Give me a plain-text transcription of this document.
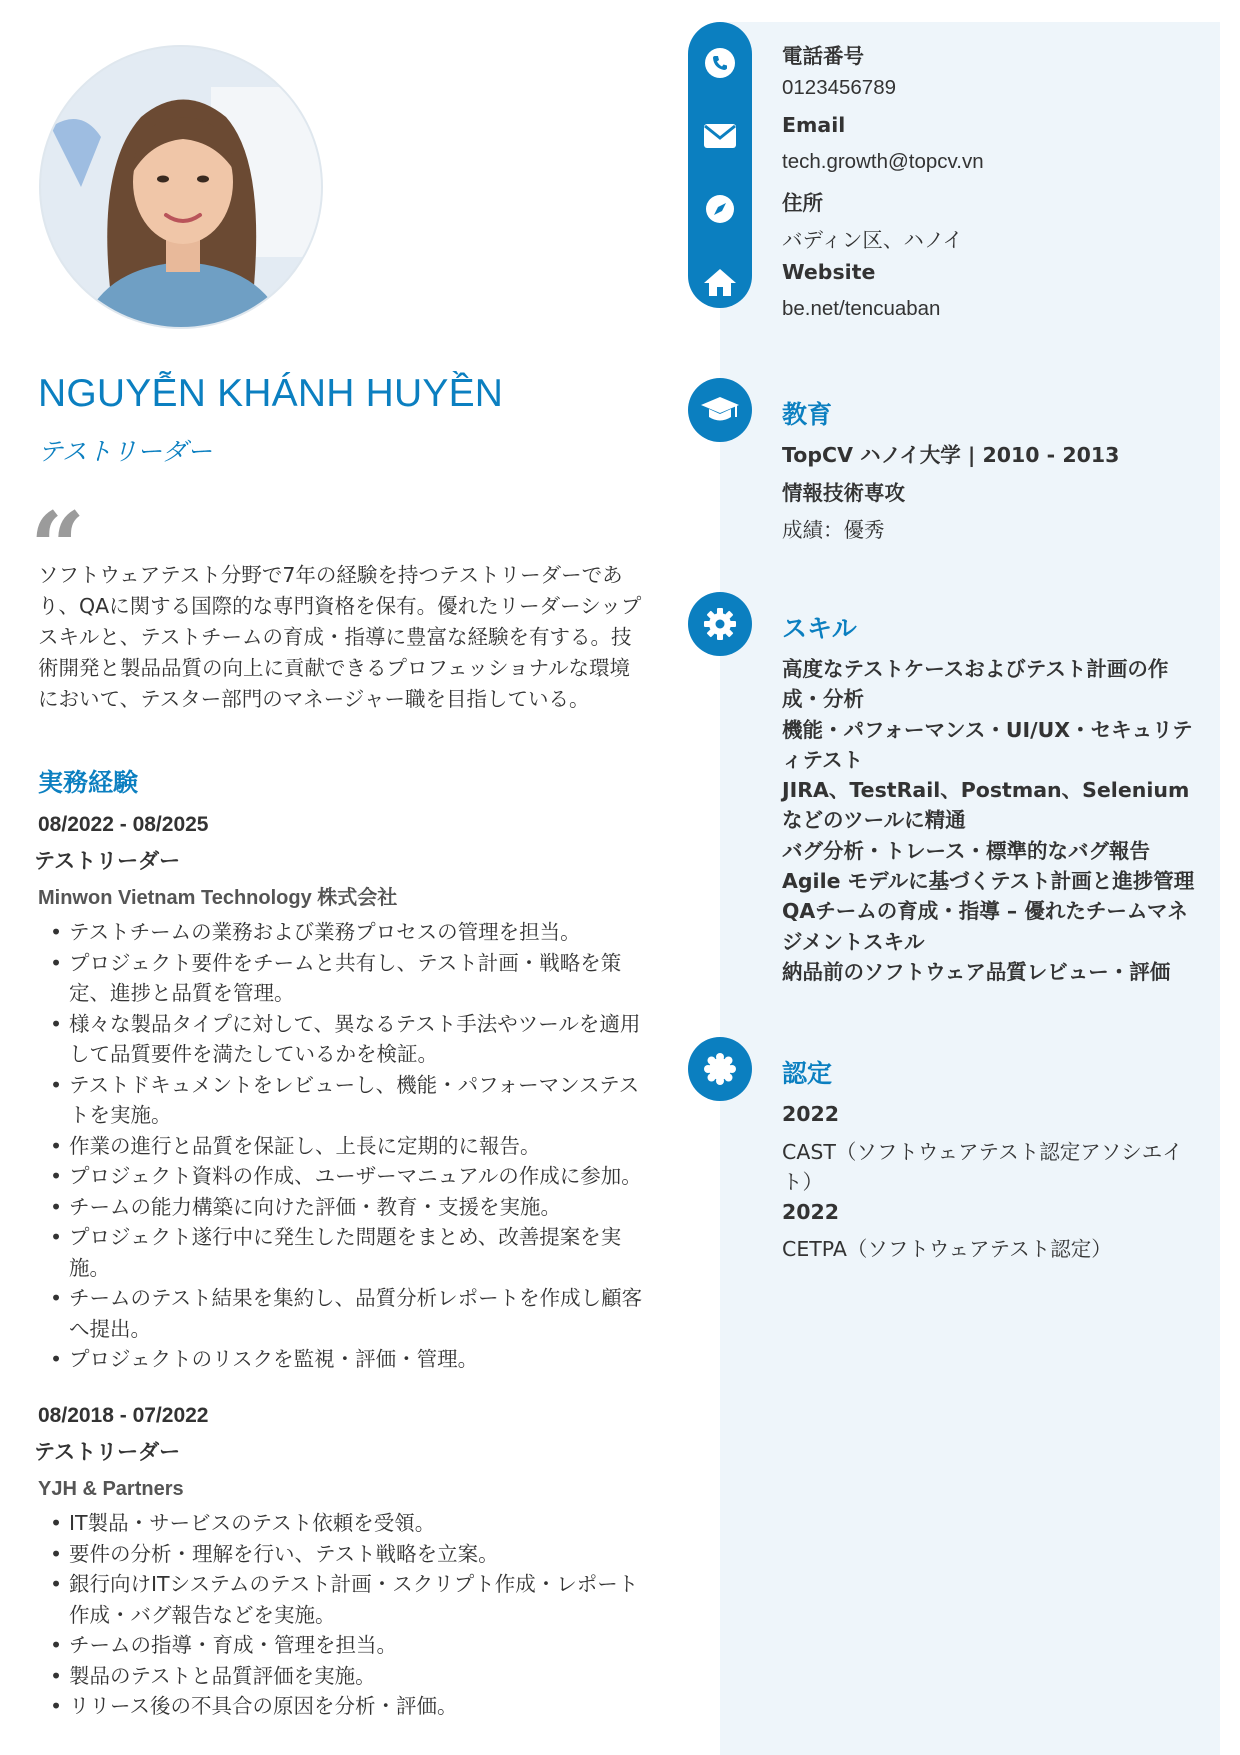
NGUYỄN KHÁNH HUYỀN
テストリーダー
“
ソフトウェアテスト分野で7年の経験を持つテストリーダーであり、QAに関する国際的な専門資格を保有。優れたリーダーシップスキルと、テストチームの育成・指導に豊富な経験を有する。技術開発と製品品質の向上に貢献できるプロフェッショナルな環境において、テスター部門のマネージャー職を目指している。
実務経験
08/2022 - 08/2025
テストリーダー
Minwon Vietnam Technology 株式会社
• テストチームの業務および業務プロセスの管理を担当。
• プロジェクト要件をチームと共有し、テスト計画・戦略を策定、進捗と品質を管理。
• 様々な製品タイプに対して、異なるテスト手法やツールを適用して品質要件を満たしているかを検証。
• テストドキュメントをレビューし、機能・パフォーマンステストを実施。
• 作業の進行と品質を保証し、上長に定期的に報告。
• プロジェクト資料の作成、ユーザーマニュアルの作成に参加。
• チームの能力構築に向けた評価・教育・支援を実施。
• プロジェクト遂行中に発生した問題をまとめ、改善提案を実施。
• チームのテスト結果を集約し、品質分析レポートを作成し顧客へ提出。
• プロジェクトのリスクを監視・評価・管理。
08/2018 - 07/2022
テストリーダー
YJH & Partners
• IT製品・サービスのテスト依頼を受領。
• 要件の分析・理解を行い、テスト戦略を立案。
• 銀行向けITシステムのテスト計画・スクリプト作成・レポート作成・バグ報告などを実施。
• チームの指導・育成・管理を担当。
• 製品のテストと品質評価を実施。
• リリース後の不具合の原因を分析・評価。
電話番号
0123456789
Email
tech.growth@topcv.vn
住所
バディン区、ハノイ
Website
be.net/tencuaban
教育
TopCV ハノイ大学 | 2010 - 2013
情報技術専攻
成績：優秀
スキル
高度なテストケースおよびテスト計画の作成・分析
機能・パフォーマンス・UI/UX・セキュリティテスト
JIRA、TestRail、Postman、Selenium などのツールに精通
バグ分析・トレース・標準的なバグ報告
Agile モデルに基づくテスト計画と進捗管理
QAチームの育成・指導 – 優れたチームマネジメントスキル
納品前のソフトウェア品質レビュー・評価
認定
2022
CAST（ソフトウェアテスト認定アソシエイト）
2022
CETPA（ソフトウェアテスト認定）
